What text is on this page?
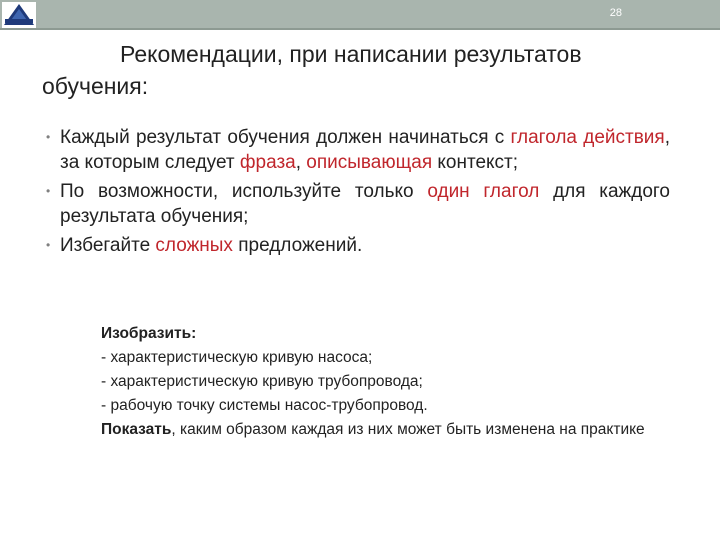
28
Рекомендации, при написании результатов
обучения:
• Каждый результат обучения должен начинаться с глагола действия, за которым следует фраза, описывающая контекст;
• По возможности, используйте только один глагол для каждого результата обучения;
• Избегайте сложных предложений.
Изобразить:
- характеристическую кривую насоса;
- характеристическую кривую трубопровода;
- рабочую точку системы насос-трубопровод.
Показать, каким образом каждая из них может быть изменена на практике
